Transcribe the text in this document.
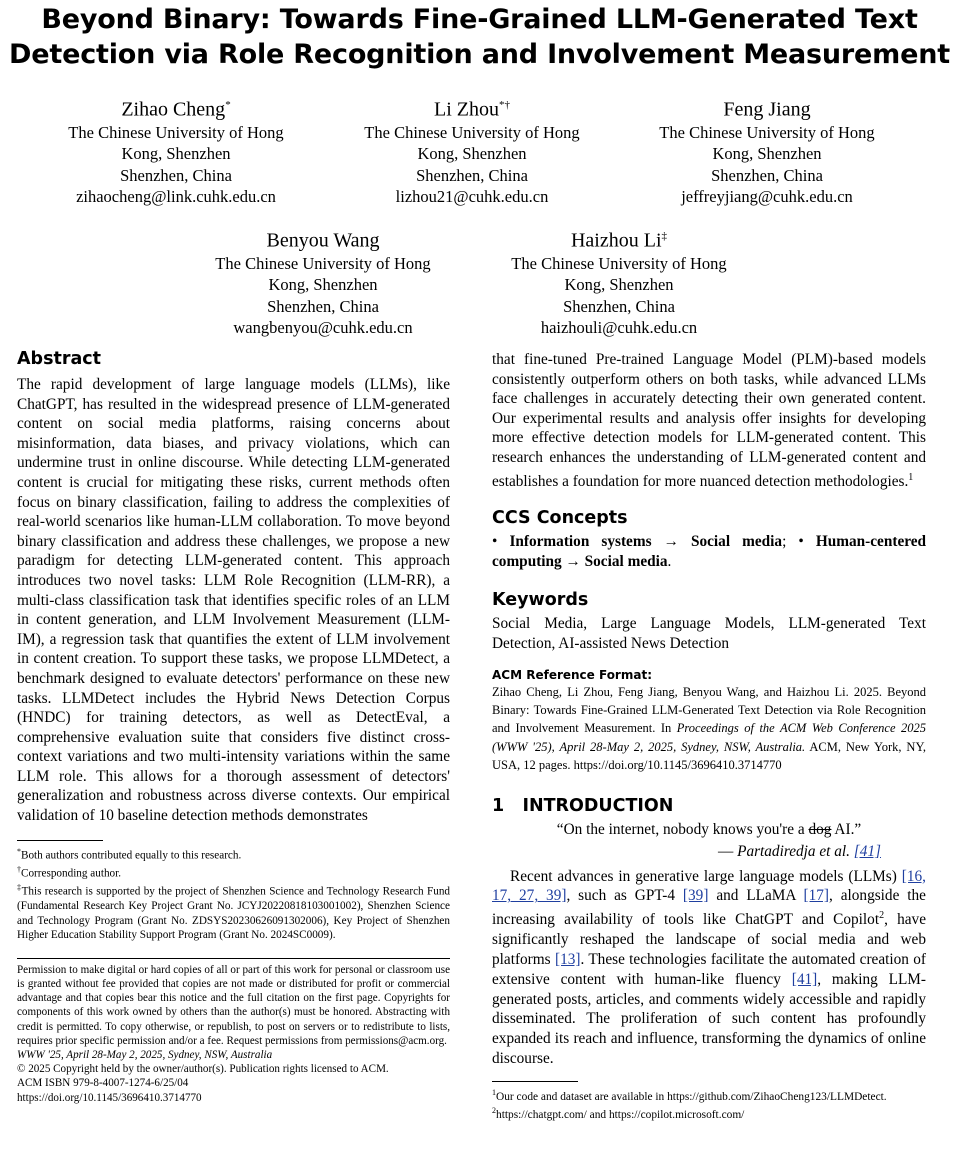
Beyond Binary: Towards Fine-Grained LLM-Generated Text
Detection via Role Recognition and Involvement Measurement
Zihao Cheng*
The Chinese University of Hong
Kong, Shenzhen
Shenzhen, China
zihaocheng@link.cuhk.edu.cn
Li Zhou*†
The Chinese University of Hong
Kong, Shenzhen
Shenzhen, China
lizhou21@cuhk.edu.cn
Feng Jiang
The Chinese University of Hong
Kong, Shenzhen
Shenzhen, China
jeffreyjiang@cuhk.edu.cn
Benyou Wang
The Chinese University of Hong
Kong, Shenzhen
Shenzhen, China
wangbenyou@cuhk.edu.cn
Haizhou Li‡
The Chinese University of Hong
Kong, Shenzhen
Shenzhen, China
haizhouli@cuhk.edu.cn
Abstract

The rapid development of large language models (LLMs), like ChatGPT, has resulted in the widespread presence of LLM-generated content on social media platforms, raising concerns about misinformation, data biases, and privacy violations, which can undermine trust in online discourse. While detecting LLM-generated content is crucial for mitigating these risks, current methods often focus on binary classification, failing to address the complexities of real-world scenarios like human-LLM collaboration. To move beyond binary classification and address these challenges, we propose a new paradigm for detecting LLM-generated content. This approach introduces two novel tasks: LLM Role Recognition (LLM-RR), a multi-class classification task that identifies specific roles of an LLM in content generation, and LLM Involvement Measurement (LLM-IM), a regression task that quantifies the extent of LLM involvement in content creation. To support these tasks, we propose LLMDetect, a benchmark designed to evaluate detectors' performance on these new tasks. LLMDetect includes the Hybrid News Detection Corpus (HNDC) for training detectors, as well as DetectEval, a comprehensive evaluation suite that considers five distinct cross-context variations and two multi-intensity variations within the same LLM role. This allows for a thorough assessment of detectors' generalization and robustness across diverse contexts. Our empirical validation of 10 baseline detection methods demonstrates

*Both authors contributed equally to this research.
†Corresponding author.
‡This research is supported by the project of Shenzhen Science and Technology Research Fund (Fundamental Research Key Project Grant No. JCYJ20220818103001002), Shenzhen Science and Technology Program (Grant No. ZDSYS20230626091302006), Key Project of Shenzhen Higher Education Stability Support Program (Grant No. 2024SC0009).
Permission to make digital or hard copies of all or part of this work for personal or classroom use is granted without fee provided that copies are not made or distributed for profit or commercial advantage and that copies bear this notice and the full citation on the first page. Copyrights for components of this work owned by others than the author(s) must be honored. Abstracting with credit is permitted. To copy otherwise, or republish, to post on servers or to redistribute to lists, requires prior specific permission and/or a fee. Request permissions from permissions@acm.org.
WWW '25, April 28-May 2, 2025, Sydney, NSW, Australia
© 2025 Copyright held by the owner/author(s). Publication rights licensed to ACM.
ACM ISBN 979-8-4007-1274-6/25/04
https://doi.org/10.1145/3696410.3714770

that fine-tuned Pre-trained Language Model (PLM)-based models consistently outperform others on both tasks, while advanced LLMs face challenges in accurately detecting their own generated content. Our experimental results and analysis offer insights for developing more effective detection models for LLM-generated content. This research enhances the understanding of LLM-generated content and establishes a foundation for more nuanced detection methodologies.$^1$

CCS Concepts

• Information systems → Social media; • Human-centered computing → Social media.

Keywords

Social Media, Large Language Models, LLM-generated Text Detection, AI-assisted News Detection

ACM Reference Format:

Zihao Cheng, Li Zhou, Feng Jiang, Benyou Wang, and Haizhou Li. 2025. Beyond Binary: Towards Fine-Grained LLM-Generated Text Detection via Role Recognition and Involvement Measurement. In Proceedings of the ACM Web Conference 2025 (WWW '25), April 28-May 2, 2025, Sydney, NSW, Australia. ACM, New York, NY, USA, 12 pages. https://doi.org/10.1145/3696410.3714770

1   INTRODUCTION
“On the internet, nobody knows you're a dog AI.”
— Partadiredja et al. [41]

Recent advances in generative large language models (LLMs) [16, 17, 27, 39], such as GPT-4 [39] and LLaMA [17], alongside the increasing availability of tools like ChatGPT and Copilot$^2$, have significantly reshaped the landscape of social media and web platforms [13]. These technologies facilitate the automated creation of extensive content with human-like fluency [41], making LLM-generated posts, articles, and comments widely accessible and rapidly disseminated. The proliferation of such content has profoundly expanded its reach and influence, transforming the dynamics of online discourse.

$^1$Our code and dataset are available in https://github.com/ZihaoCheng123/LLMDetect.
$^2$https://chatgpt.com/ and https://copilot.microsoft.com/
